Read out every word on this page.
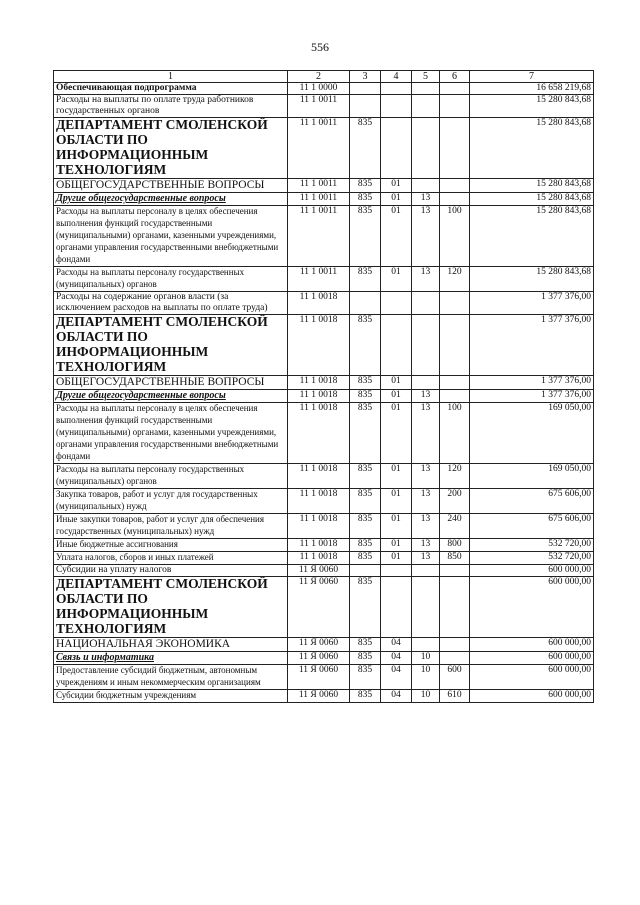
556
1	2	3	4	5	6	7
Обеспечивающая подпрограмма	11 1 0000					16 658 219,68
Расходы на выплаты по оплате труда работников государственных органов	11 1 0011					15 280 843,68
ДЕПАРТАМЕНТ СМОЛЕНСКОЙ ОБЛАСТИ ПО ИНФОРМАЦИОННЫМ ТЕХНОЛОГИЯМ	11 1 0011	835				15 280 843,68
ОБЩЕГОСУДАРСТВЕННЫЕ ВОПРОСЫ	11 1 0011	835	01			15 280 843,68
Другие общегосударственные вопросы	11 1 0011	835	01	13		15 280 843,68
Расходы на выплаты персоналу в целях обеспечения выполнения функций государственными (муниципальными) органами, казенными учреждениями, органами управления государственными внебюджетными фондами	11 1 0011	835	01	13	100	15 280 843,68
Расходы на выплаты персоналу государственных (муниципальных) органов	11 1 0011	835	01	13	120	15 280 843,68
Расходы на содержание органов власти (за исключением расходов на выплаты по оплате труда)	11 1 0018					1 377 376,00
ДЕПАРТАМЕНТ СМОЛЕНСКОЙ ОБЛАСТИ ПО ИНФОРМАЦИОННЫМ ТЕХНОЛОГИЯМ	11 1 0018	835				1 377 376,00
ОБЩЕГОСУДАРСТВЕННЫЕ ВОПРОСЫ	11 1 0018	835	01			1 377 376,00
Другие общегосударственные вопросы	11 1 0018	835	01	13		1 377 376,00
Расходы на выплаты персоналу в целях обеспечения выполнения функций государственными (муниципальными) органами, казенными учреждениями, органами управления государственными внебюджетными фондами	11 1 0018	835	01	13	100	169 050,00
Расходы на выплаты персоналу государственных (муниципальных) органов	11 1 0018	835	01	13	120	169 050,00
Закупка товаров, работ и услуг для государственных (муниципальных) нужд	11 1 0018	835	01	13	200	675 606,00
Иные закупки товаров, работ и услуг для обеспечения государственных (муниципальных) нужд	11 1 0018	835	01	13	240	675 606,00
Иные бюджетные ассигнования	11 1 0018	835	01	13	800	532 720,00
Уплата налогов, сборов и иных платежей	11 1 0018	835	01	13	850	532 720,00
Субсидии на уплату налогов	11 Я 0060					600 000,00
ДЕПАРТАМЕНТ СМОЛЕНСКОЙ ОБЛАСТИ ПО ИНФОРМАЦИОННЫМ ТЕХНОЛОГИЯМ	11 Я 0060	835				600 000,00
НАЦИОНАЛЬНАЯ ЭКОНОМИКА	11 Я 0060	835	04			600 000,00
Связь и информатика	11 Я 0060	835	04	10		600 000,00
Предоставление субсидий бюджетным, автономным учреждениям и иным некоммерческим организациям	11 Я 0060	835	04	10	600	600 000,00
Субсидии бюджетным учреждениям	11 Я 0060	835	04	10	610	600 000,00
